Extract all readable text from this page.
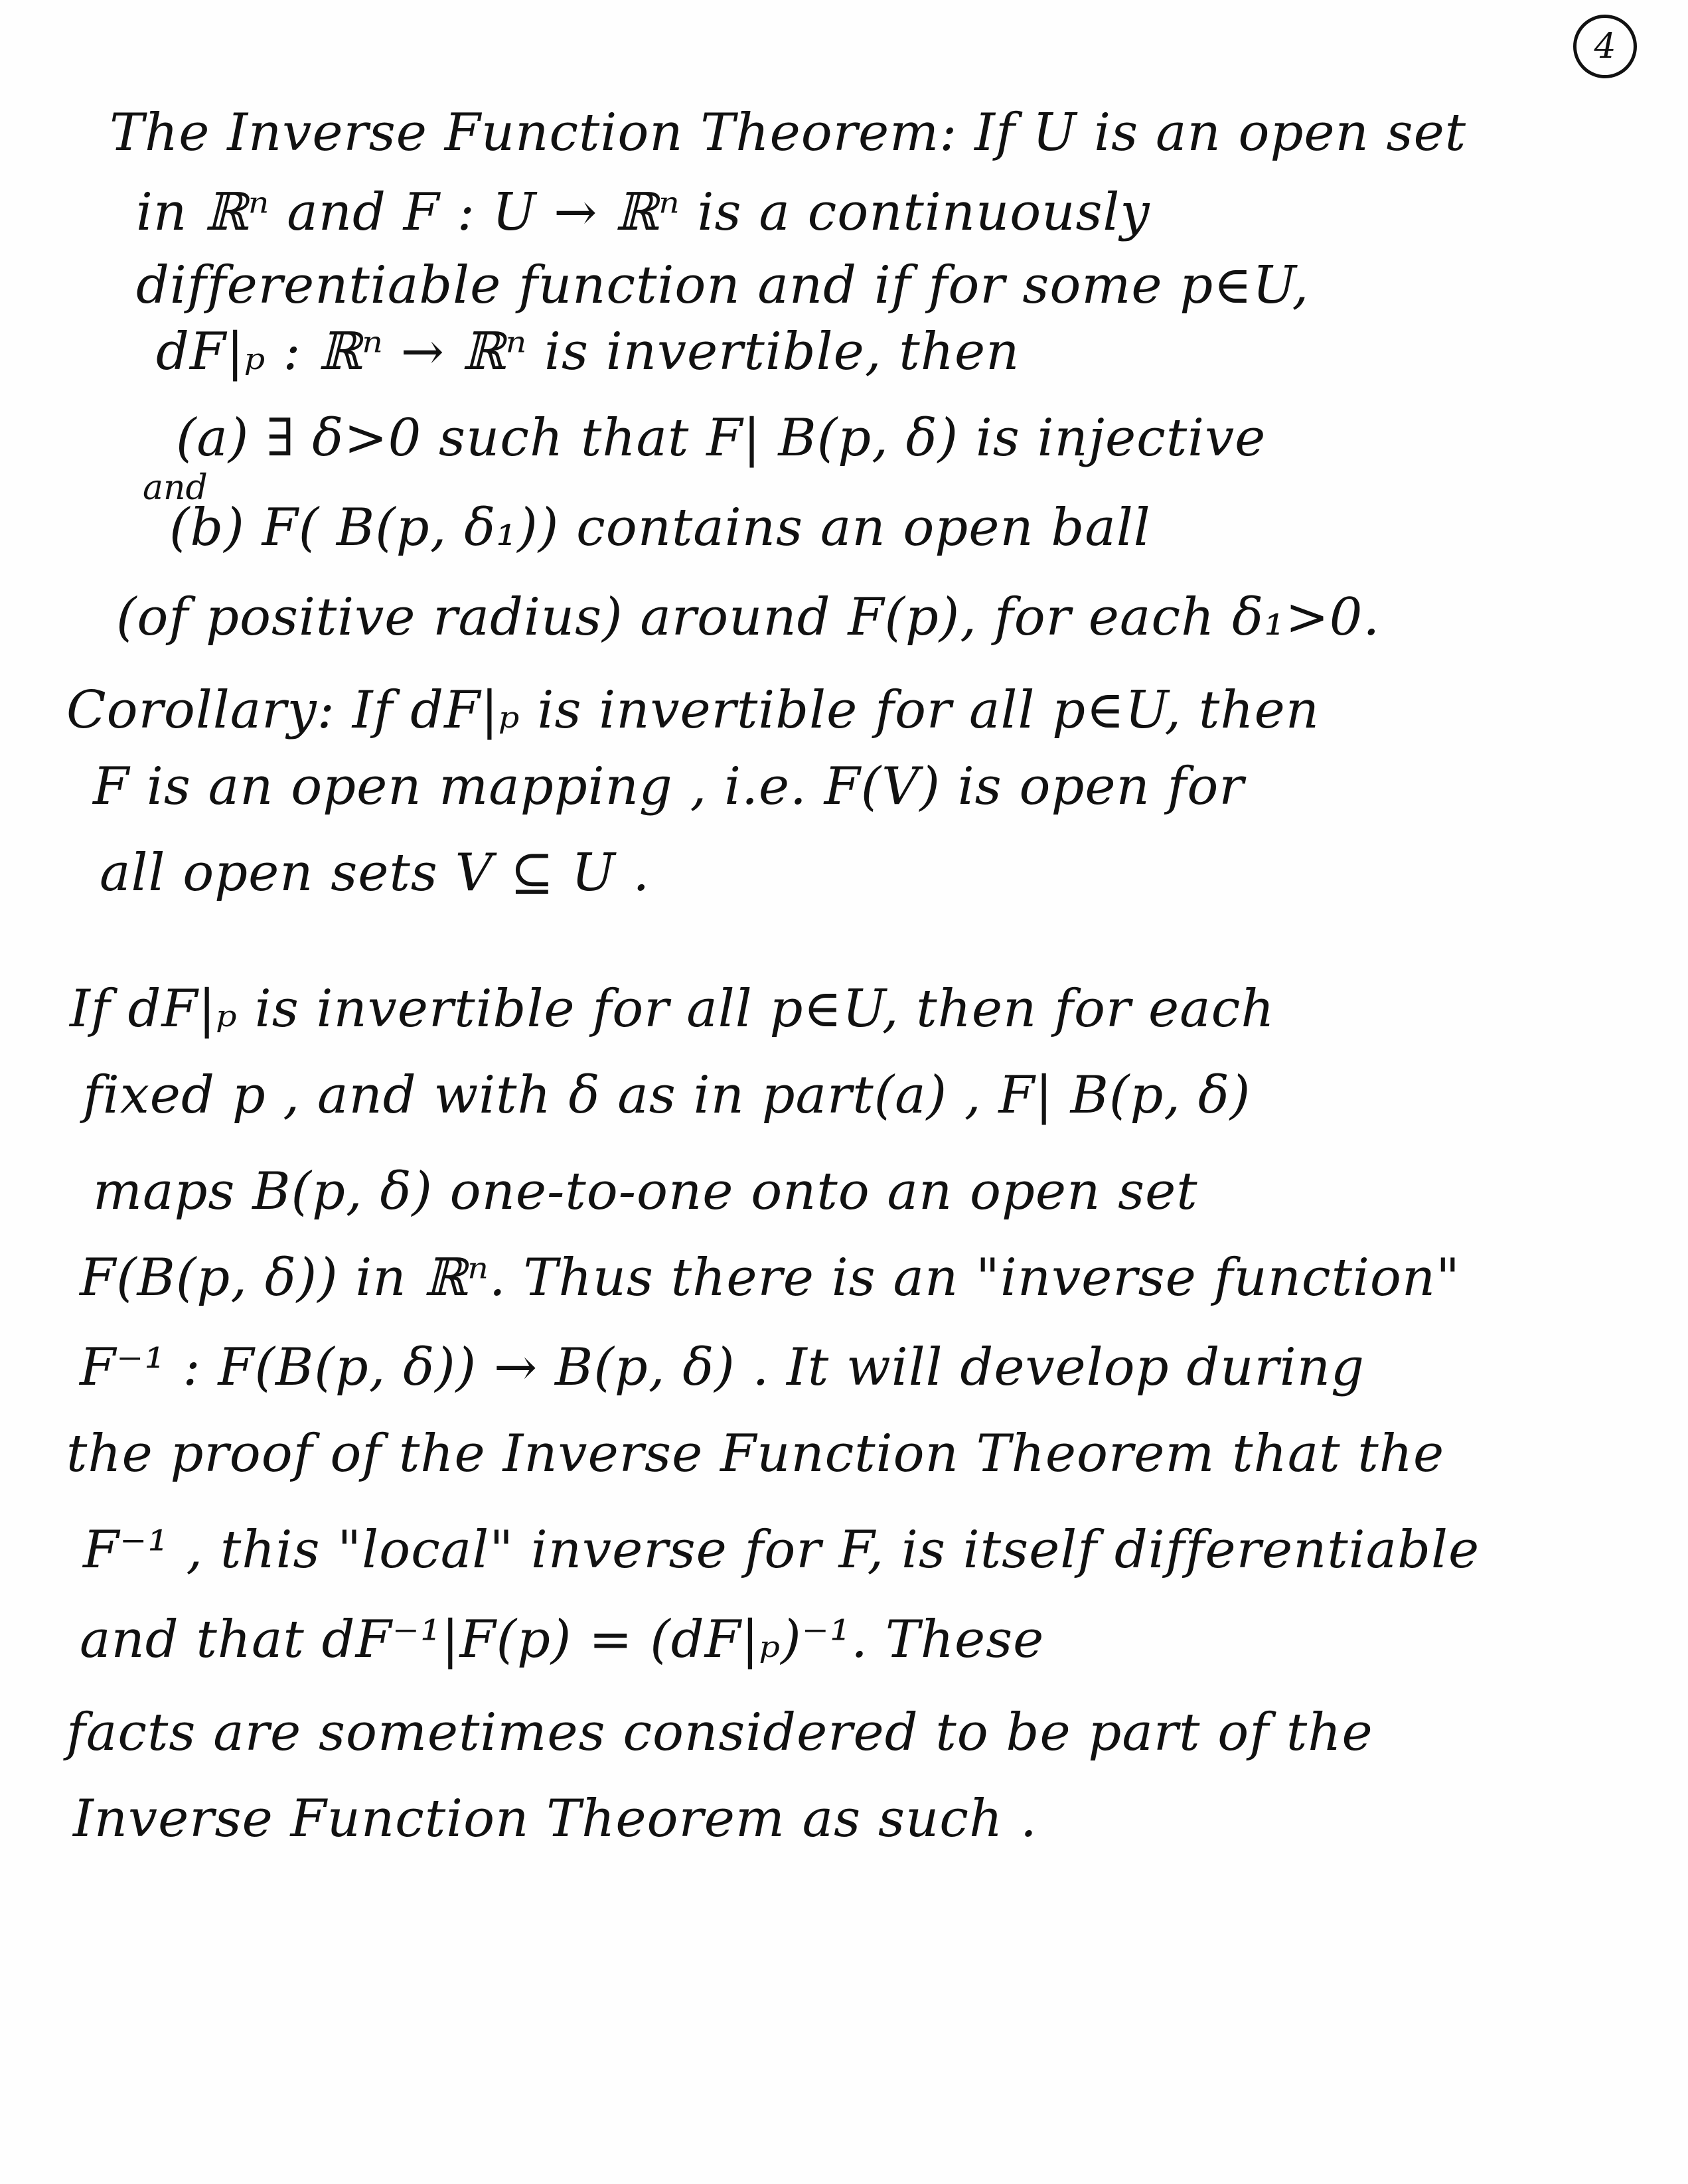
4
The Inverse Function Theorem: If U is an open set
in ℝⁿ and F : U → ℝⁿ is a continuously
differentiable function and if for some p∈U,
dF|ₚ : ℝⁿ → ℝⁿ is invertible, then
(a) ∃ δ>0 such that F| B(p, δ) is injective
and
(b) F( B(p, δ₁)) contains an open ball
(of positive radius) around F(p), for each δ₁>0.
Corollary: If dF|ₚ is invertible for all p∈U, then
F is an open mapping , i.e. F(V) is open for
all open sets V ⊆ U .
If dF|ₚ is invertible for all p∈U, then for each
fixed p , and with δ as in part(a) , F| B(p, δ)
maps B(p, δ) one-to-one onto an open set
F(B(p, δ)) in ℝⁿ. Thus there is an "inverse function"
F⁻¹ : F(B(p, δ)) → B(p, δ) . It will develop during
the proof of the Inverse Function Theorem that the
F⁻¹ , this "local" inverse for F, is itself differentiable
and that dF⁻¹|F(p) = (dF|ₚ)⁻¹. These
facts are sometimes considered to be part of the
Inverse Function Theorem as such .
